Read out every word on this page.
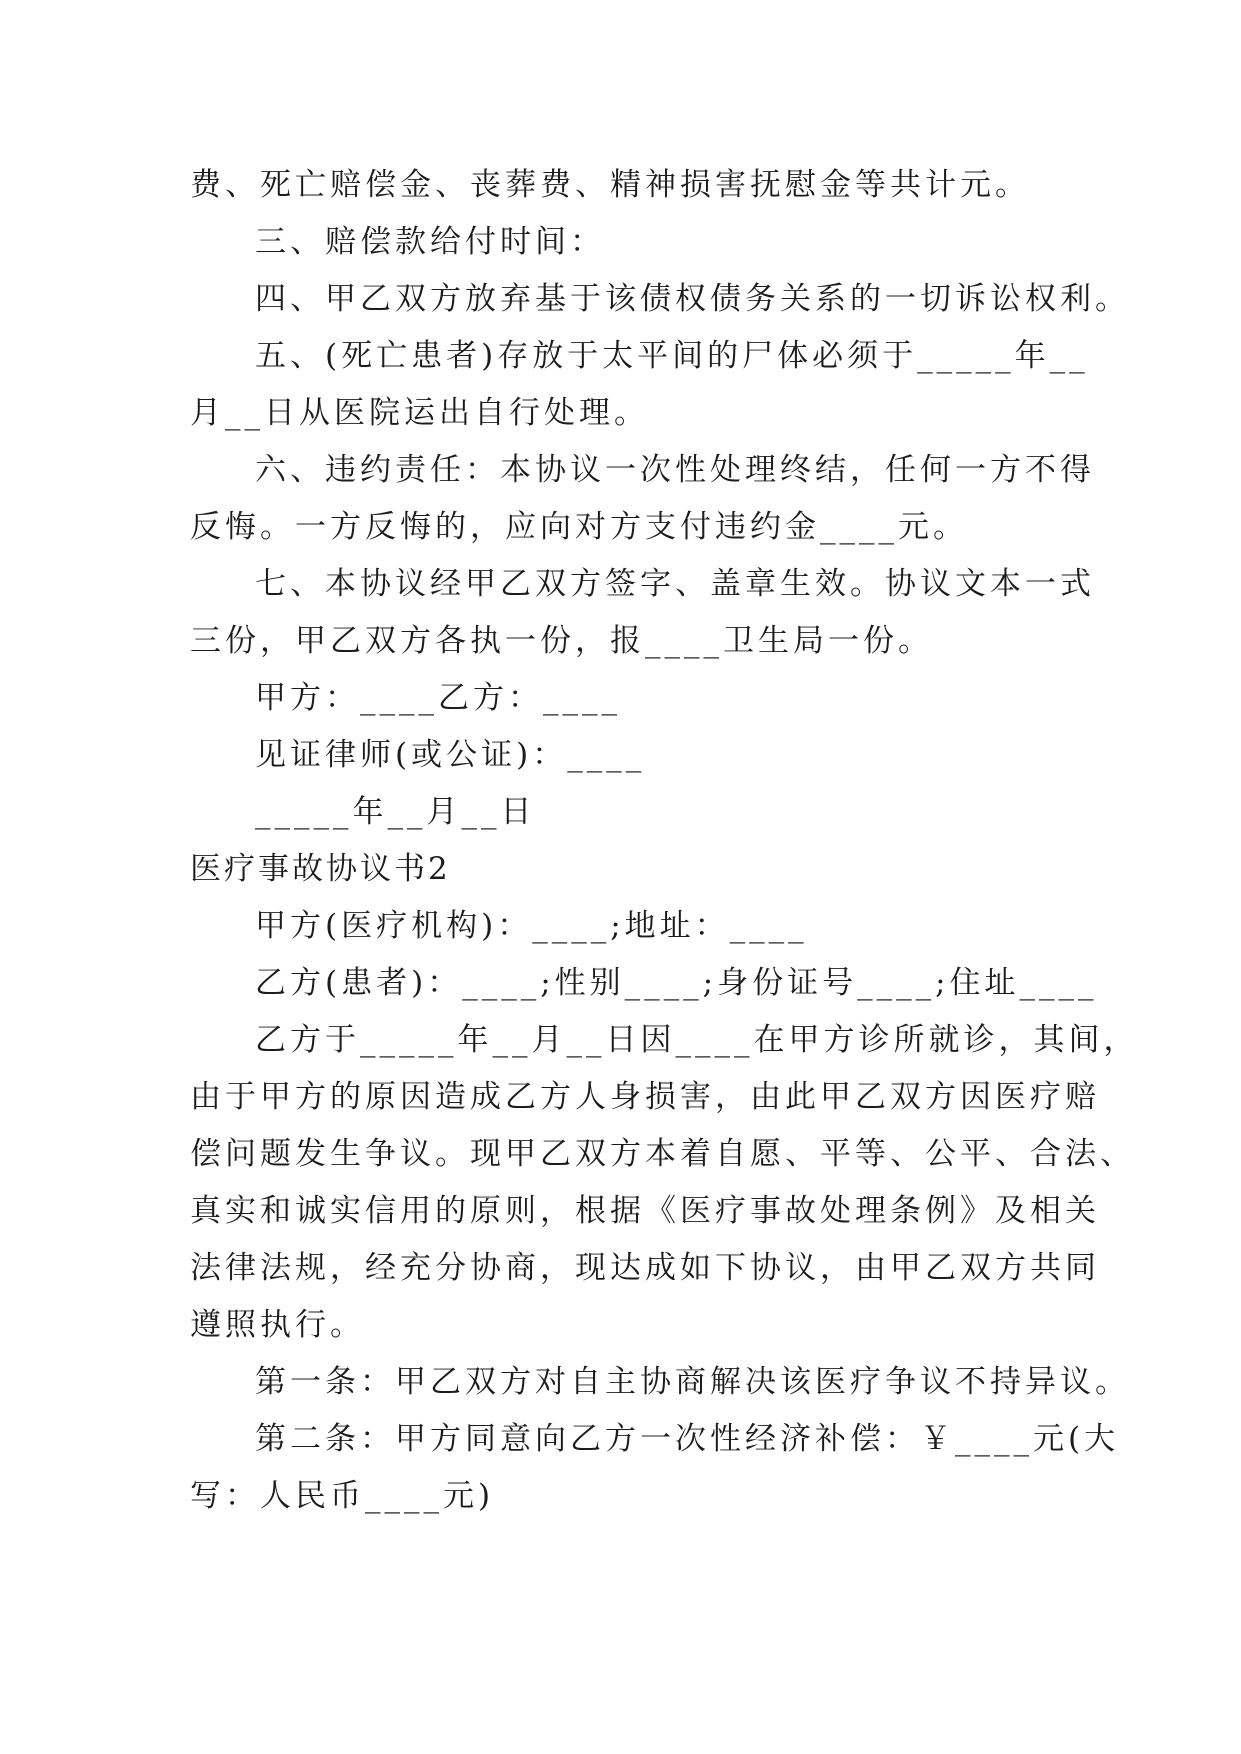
费、死亡赔偿金、丧葬费、精神损害抚慰金等共计元。

三、赔偿款给付时间：

四、甲乙双方放弃基于该债权债务关系的一切诉讼权利。

五、(死亡患者)存放于太平间的尸体必须于_____年__

月__日从医院运出自行处理。

六、违约责任：本协议一次性处理终结，任何一方不得

反悔。一方反悔的，应向对方支付违约金____元。

七、本协议经甲乙双方签字、盖章生效。协议文本一式

三份，甲乙双方各执一份，报____卫生局一份。

甲方：____乙方：____

见证律师(或公证)：____

_____年__月__日

医疗事故协议书2

甲方(医疗机构)：____;地址：____

乙方(患者)：____;性别____;身份证号____;住址____

乙方于_____年__月__日因____在甲方诊所就诊，其间，

由于甲方的原因造成乙方人身损害，由此甲乙双方因医疗赔

偿问题发生争议。现甲乙双方本着自愿、平等、公平、合法、

真实和诚实信用的原则，根据《医疗事故处理条例》及相关

法律法规，经充分协商，现达成如下协议，由甲乙双方共同

遵照执行。

第一条：甲乙双方对自主协商解决该医疗争议不持异议。

第二条：甲方同意向乙方一次性经济补偿：￥____元(大

写：人民币____元)
